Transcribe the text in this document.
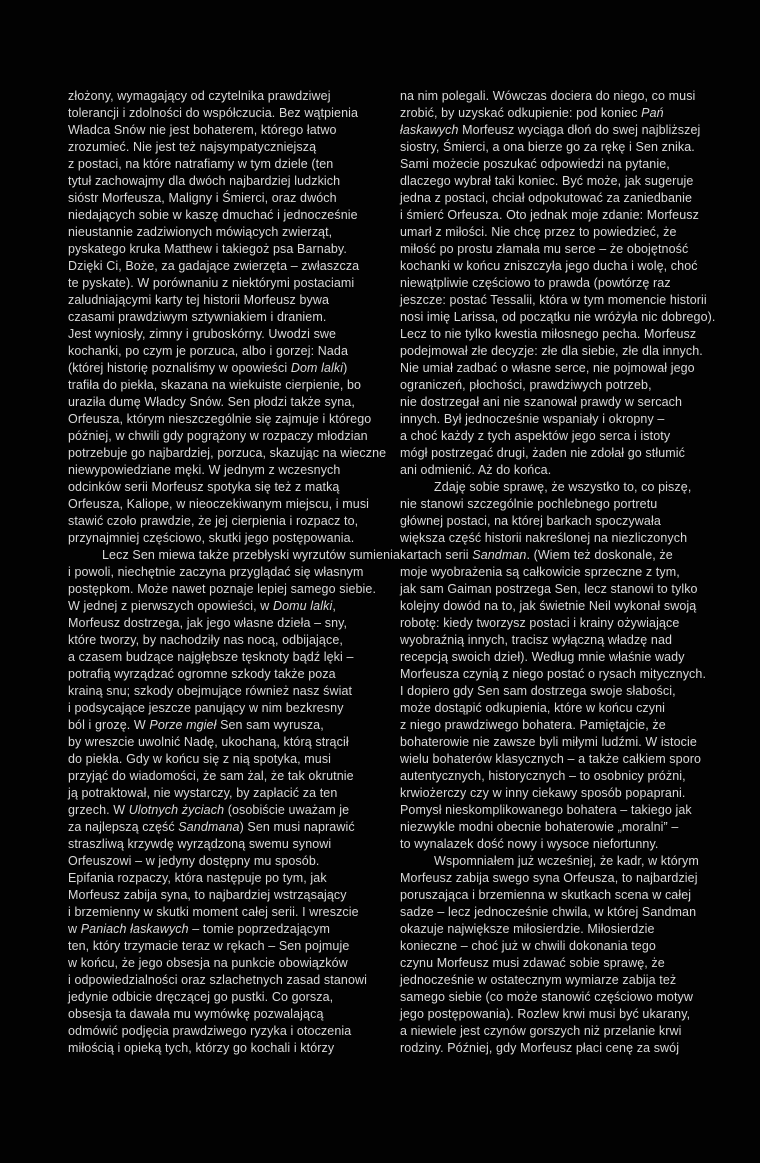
złożony, wymagający od czytelnika prawdziwej
tolerancji i zdolności do współczucia. Bez wątpienia
Władca Snów nie jest bohaterem, którego łatwo
zrozumieć. Nie jest też najsympatyczniejszą
z postaci, na które natrafiamy w tym dziele (ten
tytuł zachowajmy dla dwóch najbardziej ludzkich
sióstr Morfeusza, Maligny i Śmierci, oraz dwóch
niedających sobie w kaszę dmuchać i jednocześnie
nieustannie zadziwionych mówiących zwierząt,
pyskatego kruka Matthew i takiegoż psa Barnaby.
Dzięki Ci, Boże, za gadające zwierzęta – zwłaszcza
te pyskate). W porównaniu z niektórymi postaciami
zaludniającymi karty tej historii Morfeusz bywa
czasami prawdziwym sztywniakiem i draniem.
Jest wyniosły, zimny i gruboskórny. Uwodzi swe
kochanki, po czym je porzuca, albo i gorzej: Nada
(której historię poznaliśmy w opowieści Dom lalki)
trafiła do piekła, skazana na wiekuiste cierpienie, bo
uraziła dumę Władcy Snów. Sen płodzi także syna,
Orfeusza, którym nieszczególnie się zajmuje i którego
później, w chwili gdy pogrążony w rozpaczy młodzian
potrzebuje go najbardziej, porzuca, skazując na wieczne
niewypowiedziane męki. W jednym z wczesnych
odcinków serii Morfeusz spotyka się też z matką
Orfeusza, Kaliope, w nieoczekiwanym miejscu, i musi
stawić czoło prawdzie, że jej cierpienia i rozpacz to,
przynajmniej częściowo, skutki jego postępowania.
Lecz Sen miewa także przebłyski wyrzutów sumienia
i powoli, niechętnie zaczyna przyglądać się własnym
postępkom. Może nawet poznaje lepiej samego siebie.
W jednej z pierwszych opowieści, w Domu lalki,
Morfeusz dostrzega, jak jego własne dzieła – sny,
które tworzy, by nachodziły nas nocą, odbijające,
a czasem budzące najgłębsze tęsknoty bądź lęki –
potrafią wyrządzać ogromne szkody także poza
krainą snu; szkody obejmujące również nasz świat
i podsycające jeszcze panujący w nim bezkresny
ból i grozę. W Porze mgieł Sen sam wyrusza,
by wreszcie uwolnić Nadę, ukochaną, którą strącił
do piekła. Gdy w końcu się z nią spotyka, musi
przyjąć do wiadomości, że sam żal, że tak okrutnie
ją potraktował, nie wystarczy, by zapłacić za ten
grzech. W Ulotnych życiach (osobiście uważam je
za najlepszą część Sandmana) Sen musi naprawić
straszliwą krzywdę wyrządzoną swemu synowi
Orfeuszowi – w jedyny dostępny mu sposób.
Epifania rozpaczy, która następuje po tym, jak
Morfeusz zabija syna, to najbardziej wstrząsający
i brzemienny w skutki moment całej serii. I wreszcie
w Paniach łaskawych – tomie poprzedzającym
ten, który trzymacie teraz w rękach – Sen pojmuje
w końcu, że jego obsesja na punkcie obowiązków
i odpowiedzialności oraz szlachetnych zasad stanowi
jedynie odbicie dręczącej go pustki. Co gorsza,
obsesja ta dawała mu wymówkę pozwalającą
odmówić podjęcia prawdziwego ryzyka i otoczenia
miłością i opieką tych, którzy go kochali i którzy
na nim polegali. Wówczas dociera do niego, co musi
zrobić, by uzyskać odkupienie: pod koniec Pań
łaskawych Morfeusz wyciąga dłoń do swej najbliższej
siostry, Śmierci, a ona bierze go za rękę i Sen znika.
Sami możecie poszukać odpowiedzi na pytanie,
dlaczego wybrał taki koniec. Być może, jak sugeruje
jedna z postaci, chciał odpokutować za zaniedbanie
i śmierć Orfeusza. Oto jednak moje zdanie: Morfeusz
umarł z miłości. Nie chcę przez to powiedzieć, że
miłość po prostu złamała mu serce – że obojętność
kochanki w końcu zniszczyła jego ducha i wolę, choć
niewątpliwie częściowo to prawda (powtórzę raz
jeszcze: postać Tessalii, która w tym momencie historii
nosi imię Larissa, od początku nie wróżyła nic dobrego).
Lecz to nie tylko kwestia miłosnego pecha. Morfeusz
podejmował złe decyzje: złe dla siebie, złe dla innych.
Nie umiał zadbać o własne serce, nie pojmował jego
ograniczeń, płochości, prawdziwych potrzeb,
nie dostrzegał ani nie szanował prawdy w sercach
innych. Był jednocześnie wspaniały i okropny –
a choć każdy z tych aspektów jego serca i istoty
mógł postrzegać drugi, żaden nie zdołał go stłumić
ani odmienić. Aż do końca.
Zdaję sobie sprawę, że wszystko to, co piszę,
nie stanowi szczególnie pochlebnego portretu
głównej postaci, na której barkach spoczywała
większa część historii nakreślonej na niezliczonych
kartach serii Sandman. (Wiem też doskonale, że
moje wyobrażenia są całkowicie sprzeczne z tym,
jak sam Gaiman postrzega Sen, lecz stanowi to tylko
kolejny dowód na to, jak świetnie Neil wykonał swoją
robotę: kiedy tworzysz postaci i krainy ożywiające
wyobraźnią innych, tracisz wyłączną władzę nad
recepcją swoich dzieł). Według mnie właśnie wady
Morfeusza czynią z niego postać o rysach mitycznych.
I dopiero gdy Sen sam dostrzega swoje słabości,
może dostąpić odkupienia, które w końcu czyni
z niego prawdziwego bohatera. Pamiętajcie, że
bohaterowie nie zawsze byli miłymi ludźmi. W istocie
wielu bohaterów klasycznych – a także całkiem sporo
autentycznych, historycznych – to osobnicy próżni,
krwiożerczy czy w inny ciekawy sposób popaprani.
Pomysł nieskomplikowanego bohatera – takiego jak
niezwykle modni obecnie bohaterowie „moralni” –
to wynalazek dość nowy i wysoce niefortunny.
Wspomniałem już wcześniej, że kadr, w którym
Morfeusz zabija swego syna Orfeusza, to najbardziej
poruszająca i brzemienna w skutkach scena w całej
sadze – lecz jednocześnie chwila, w której Sandman
okazuje największe miłosierdzie. Miłosierdzie
konieczne – choć już w chwili dokonania tego
czynu Morfeusz musi zdawać sobie sprawę, że
jednocześnie w ostatecznym wymiarze zabija też
samego siebie (co może stanowić częściowo motyw
jego postępowania). Rozlew krwi musi być ukarany,
a niewiele jest czynów gorszych niż przelanie krwi
rodziny. Później, gdy Morfeusz płaci cenę za swój
